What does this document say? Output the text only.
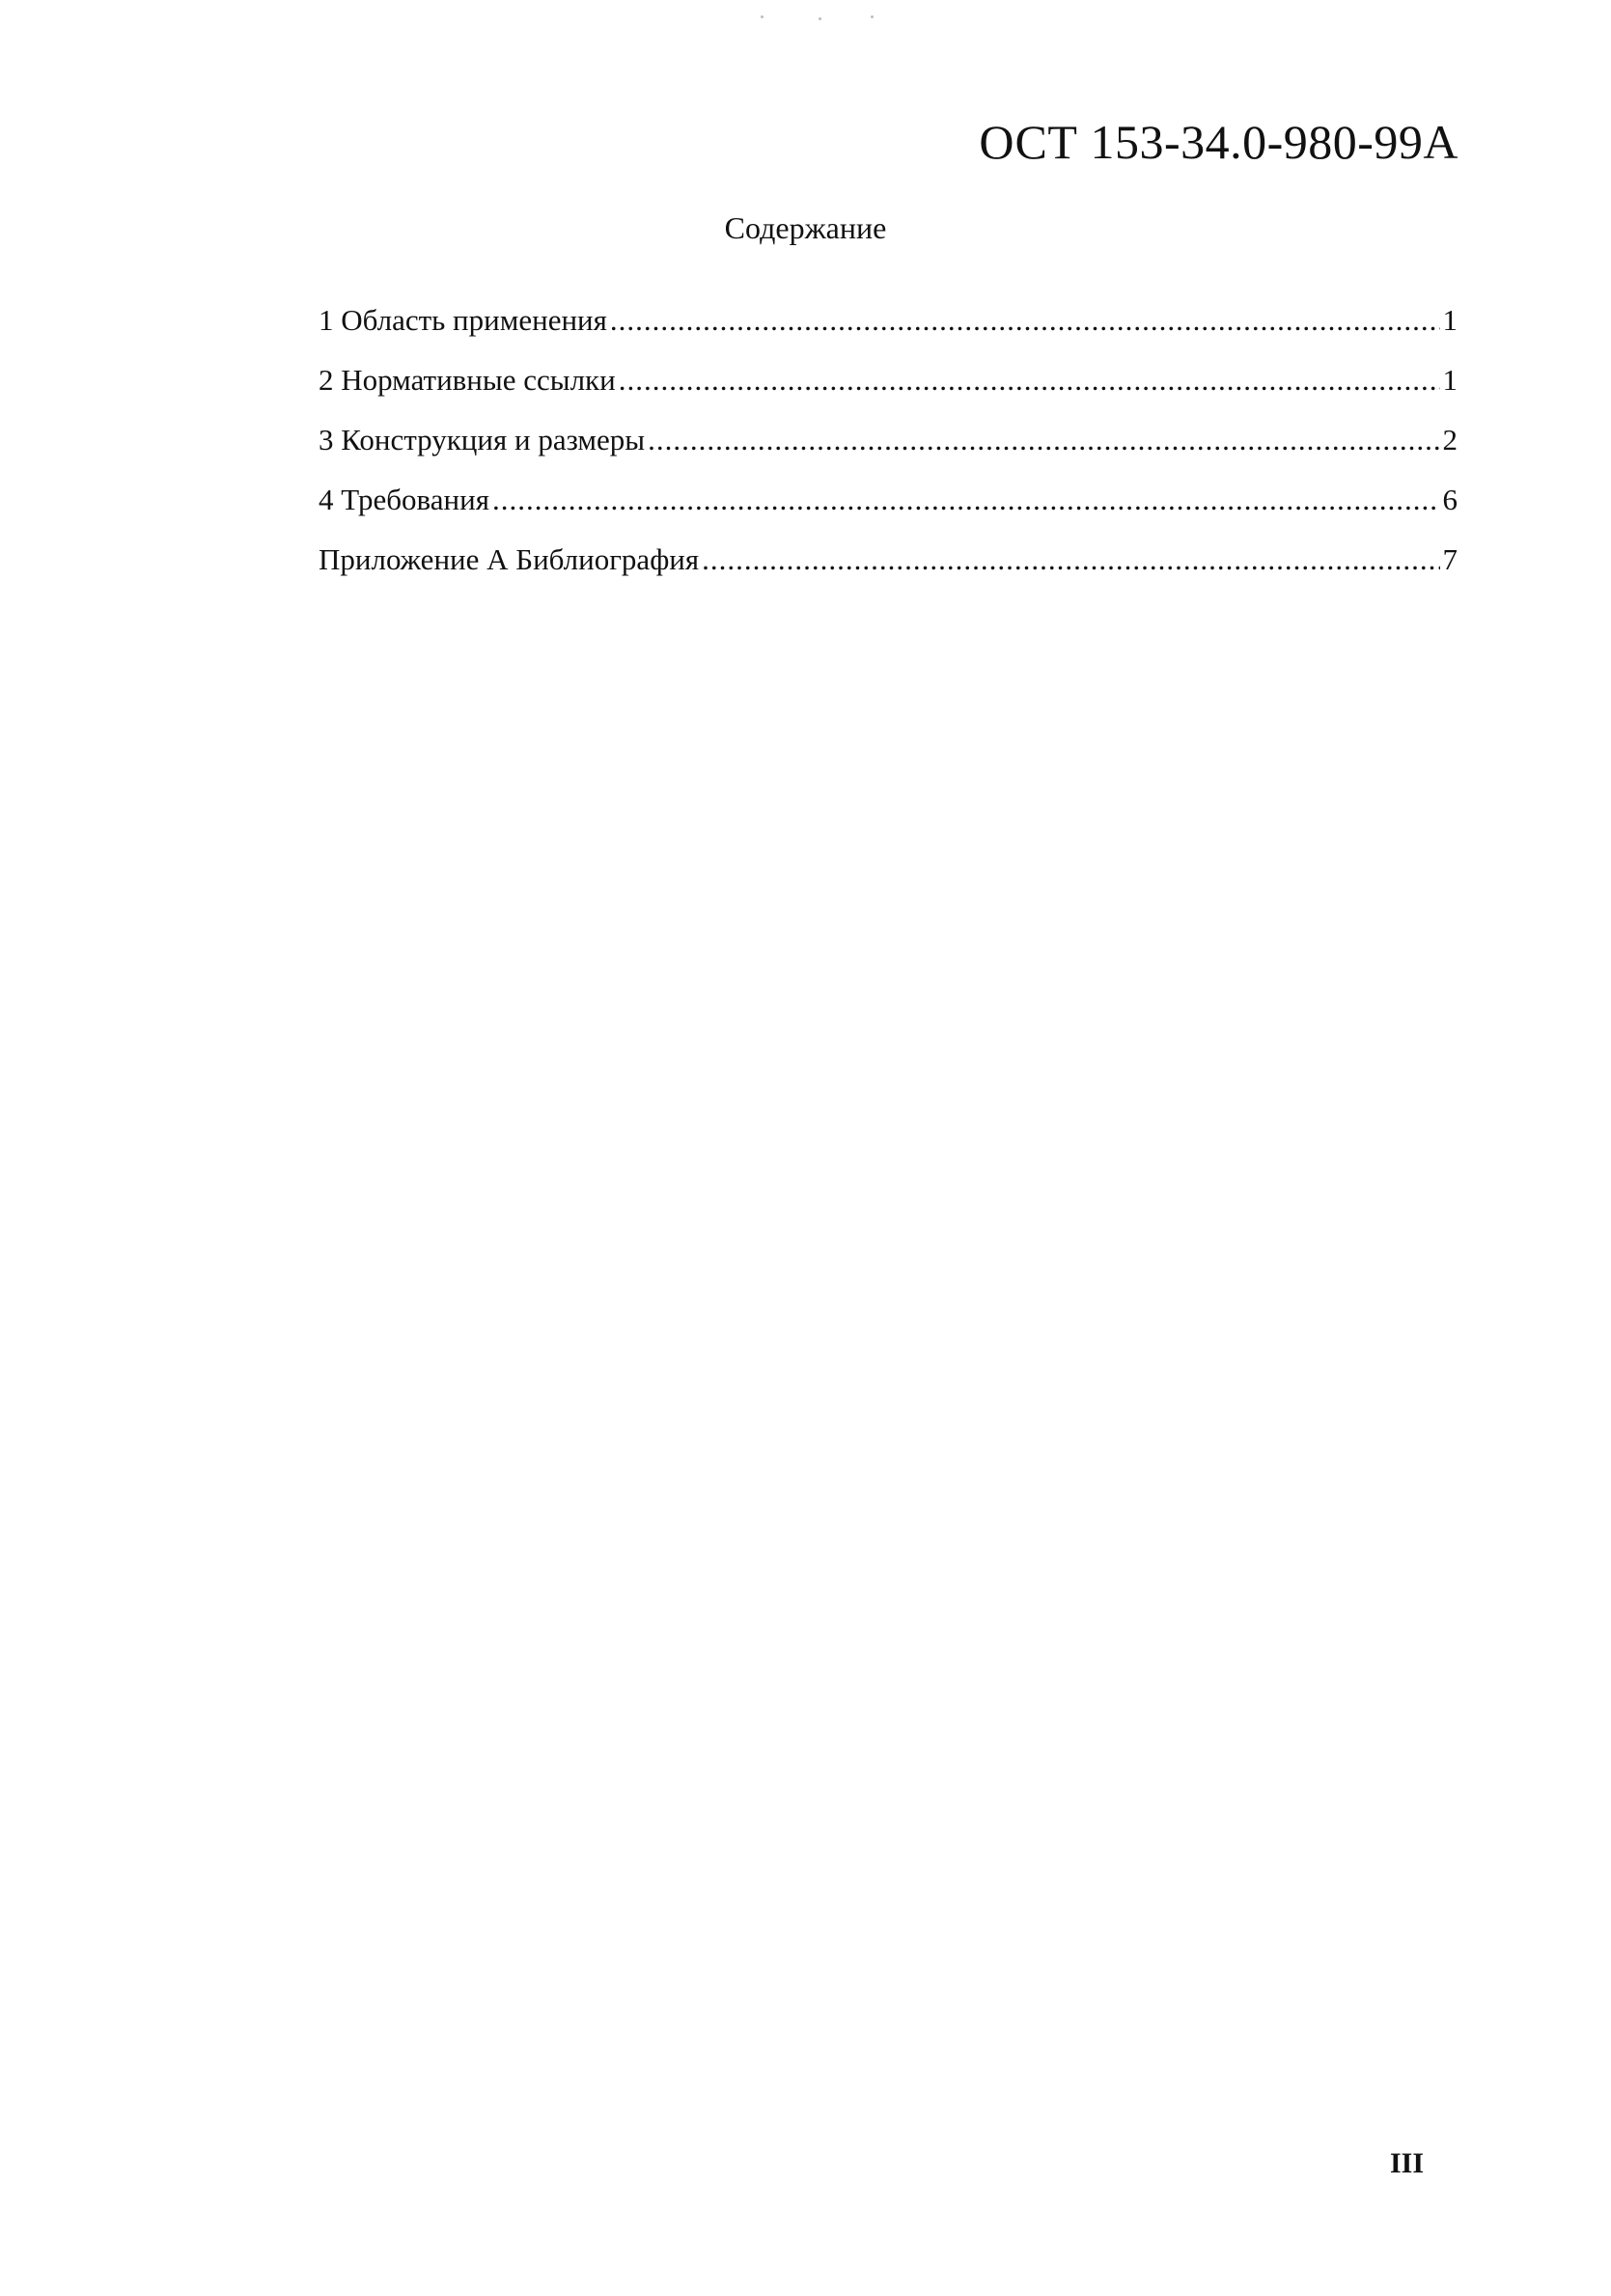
ОСТ 153-34.0-980-99А
Содержание
1 Область применения .....	1
2 Нормативные ссылки .....	1
3 Конструкция и размеры .....	2
4 Требования .....	6
Приложение А Библиография .....	7
III
